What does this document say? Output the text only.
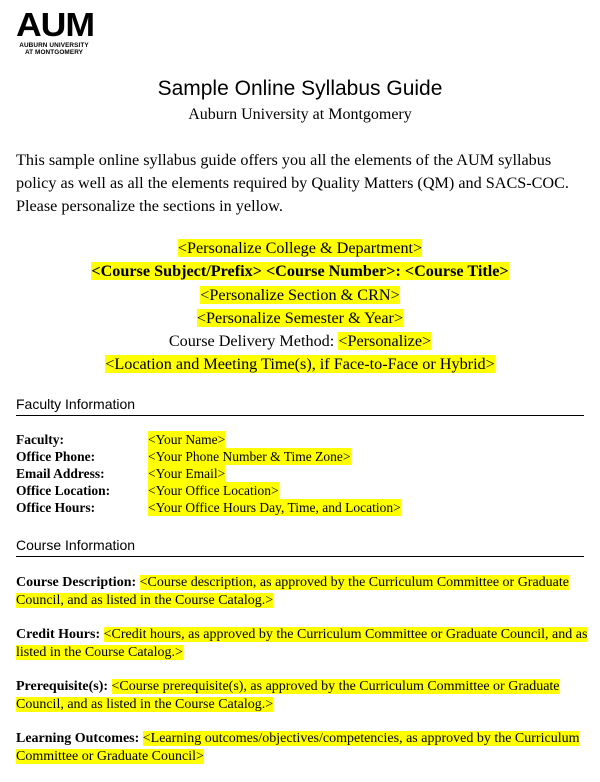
AUM
AUBURN UNIVERSITY
AT MONTGOMERY
Sample Online Syllabus Guide
Auburn University at Montgomery
This sample online syllabus guide offers you all the elements of the AUM syllabus policy as well as all the elements required by Quality Matters (QM) and SACS-COC. Please personalize the sections in yellow.
<Personalize College & Department>
<Course Subject/Prefix> <Course Number>: <Course Title>
<Personalize Section & CRN>
<Personalize Semester & Year>
Course Delivery Method: <Personalize>
<Location and Meeting Time(s), if Face-to-Face or Hybrid>
Faculty Information
Faculty:	<Your Name>
Office Phone:	<Your Phone Number & Time Zone>
Email Address:	<Your Email>
Office Location:	<Your Office Location>
Office Hours:	<Your Office Hours Day, Time, and Location>
Course Information

Course Description: <Course description, as approved by the Curriculum Committee or Graduate Council, and as listed in the Course Catalog.>

Credit Hours: <Credit hours, as approved by the Curriculum Committee or Graduate Council, and as listed in the Course Catalog.>

Prerequisite(s): <Course prerequisite(s), as approved by the Curriculum Committee or Graduate Council, and as listed in the Course Catalog.>

Learning Outcomes: <Learning outcomes/objectives/competencies, as approved by the Curriculum Committee or Graduate Council>
